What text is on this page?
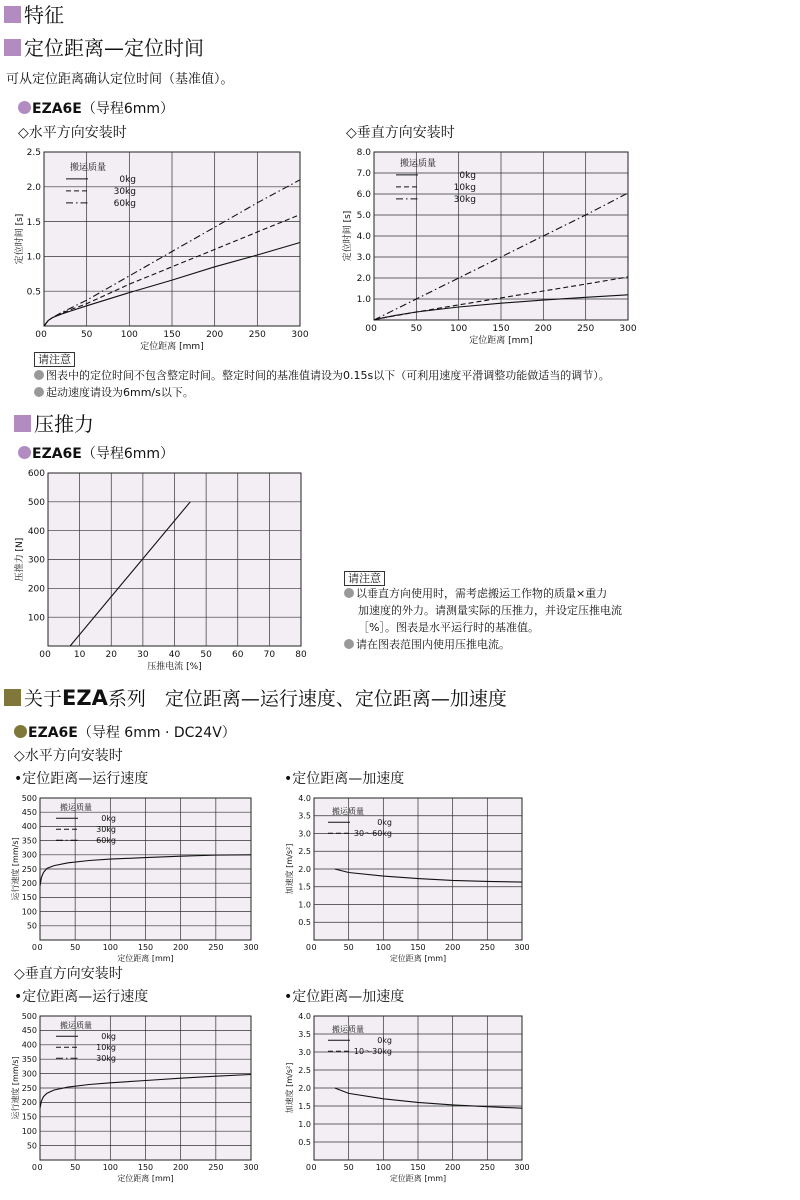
特征
定位距离—定位时间
可从定位距离确认定位时间（基准值）。
EZA6E（导程6mm）
◇水平方向安装时	◇垂直方向安装时
0	50	100	150	200	250	300
0.5
1.0
1.5
2.0
2.5
0
定位距离 [mm]
定位时间 [s]
搬运质量
0kg
30kg
60kg
0	50	100	150	200	250	300
1.0
2.0
3.0
4.0
5.0
6.0
7.0
8.0
0
定位距离 [mm]
定位时间 [s]
搬运质量
0kg
10kg
30kg
请注意
图表中的定位时间不包含整定时间。整定时间的基准值请设为0.15s以下（可利用速度平滑调整功能做适当的调节）。
起动速度请设为6mm/s以下。
压推力
EZA6E（导程6mm）
0	10 20 30 40 50 60 70 80
100
200
300
400
500
600
0
压推电流 [%]
压推力 [N]	请注意
以垂直方向使用时，需考虑搬运工作物的质量×重力
加速度的外力。请测量实际的压推力，并设定压推电流
［%］。图表是水平运行时的基准值。
请在图表范围内使用压推电流。
关于EZA系列　定位距离—运行速度、定位距离—加速度
EZA6E（导程 6mm · DC24V）
◇水平方向安装时
•定位距离—运行速度	•定位距离—加速度
0	50	100 150 200 250 300
50
100
150
200
250
300
350
400
450
500
0
定位距离 [mm]
运行速度 [mm/s]
搬运质量
0kg
30kg
60kg
0	50	100 150 200 250 300
0.5
1.0
1.5
2.0
2.5
3.0
3.5
4.0
0
定位距离 [mm]
加速度 [m/s²]
搬运质量
0kg
30～60kg
◇垂直方向安装时
•定位距离—运行速度	•定位距离—加速度
0	50	100 150 200 250 300
50
100
150
200
250
300
350
400
450
500
0
定位距离 [mm]
运行速度 [mm/s]
搬运质量
0kg
10kg
30kg
0	50	100 150 200 250 300
0.5
1.0
1.5
2.0
2.5
3.0
3.5
4.0
0
定位距离 [mm]
加速度 [m/s²]
搬运质量
0kg
10～30kg
